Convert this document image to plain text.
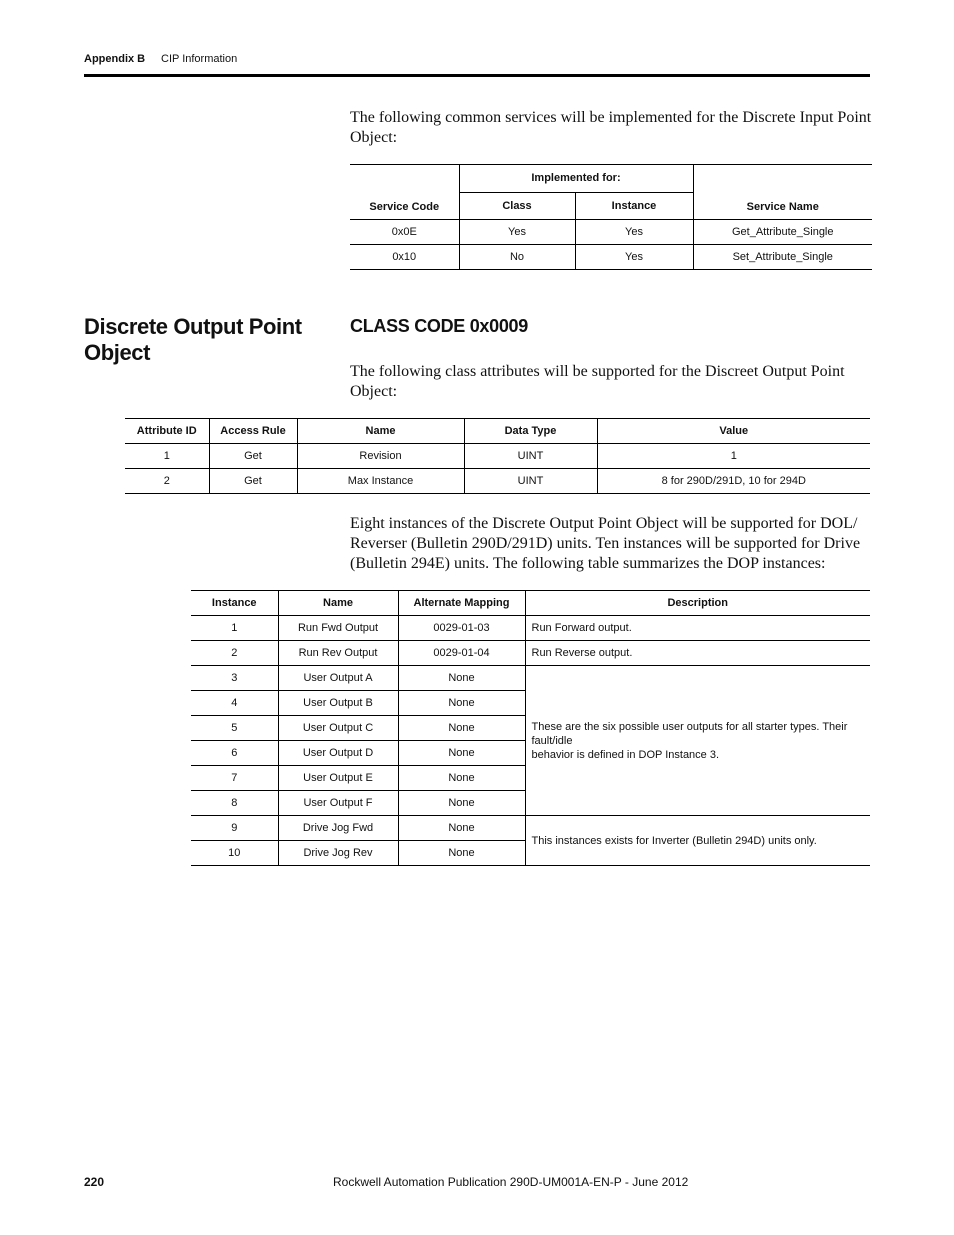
Appendix B CIP Information
The following common services will be implemented for the Discrete Input Point
Object:
Service Code	Implemented for:		Service Name
	Class	Instance	
0x0E	Yes	Yes	Get_Attribute_Single
0x10	No	Yes	Set_Attribute_Single
Discrete Output Point
Object
CLASS CODE 0x0009
The following class attributes will be supported for the Discreet Output Point
Object:
Attribute ID	Access Rule	Name	Data Type	Value
1	Get	Revision	UINT	1
2	Get	Max Instance	UINT	8 for 290D/291D, 10 for 294D
Eight instances of the Discrete Output Point Object will be supported for DOL/
Reverser (Bulletin 290D/291D) units. Ten instances will be supported for Drive
(Bulletin 294E) units. The following table summarizes the DOP instances:
Instance	Name	Alternate Mapping	Description
1	Run Fwd Output	0029-01-03	Run Forward output.
2	Run Rev Output	0029-01-04	Run Reverse output.
3	User Output A	None	These are the six possible user outputs for all starter types. Their fault/idle
behavior is defined in DOP Instance 3.

4	User Output B	None	
5	User Output C	None	
6	User Output D	None	
7	User Output E	None	
8	User Output F	None	
9	Drive Jog Fwd	None	This instances exists for Inverter (Bulletin 294D) units only.
10	Drive Jog Rev	None	
220	Rockwell Automation Publication 290D-UM001A-EN-P - June 2012
